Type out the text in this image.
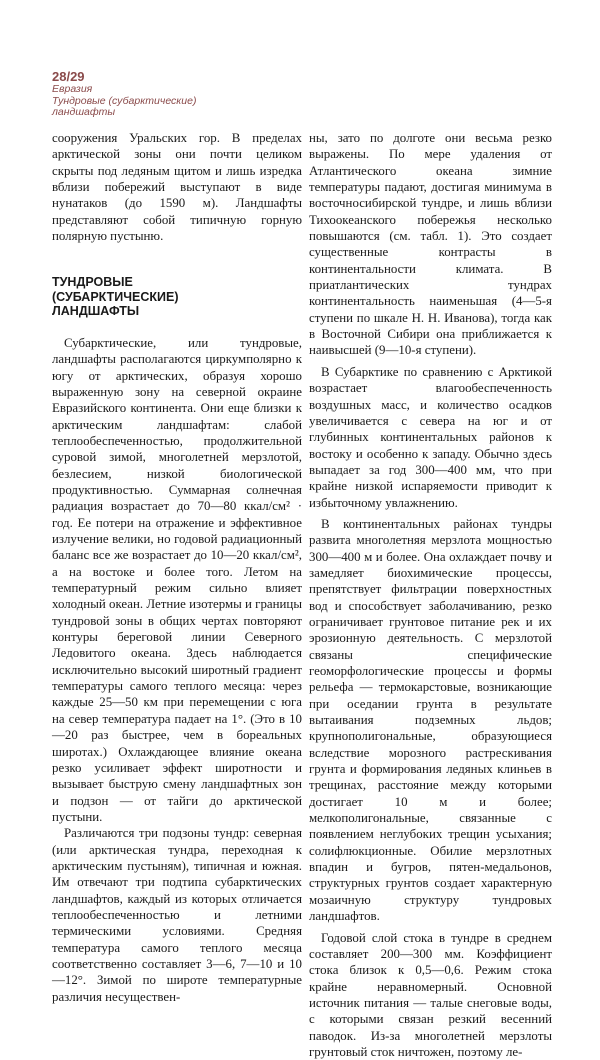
28/29
Евразия
Тундровые (субарктические)
ландшафты

сооружения Уральских гор. В пределах арктической зоны они почти целиком скрыты под ледяным щитом и лишь изредка вблизи побережий выступают в виде нунатаков (до 1590 м). Ландшафты представляют собой типичную горную полярную пустыню.

ТУНДРОВЫЕ
(СУБАРКТИЧЕСКИЕ)
ЛАНДШАФТЫ

Субарктические, или тундровые, ландшафты располагаются циркумполярно к югу от арктических, образуя хорошо выраженную зону на северной окраине Евразийского континента. Они еще близки к арктическим ландшафтам: слабой теплообеспеченностью, продолжительной суровой зимой, многолетней мерзлотой, безлесием, низкой биологической продуктивностью. Суммарная солнечная радиация возрастает до 70—80 ккал/см² · год. Ее потери на отражение и эффективное излучение велики, но годовой радиационный баланс все же возрастает до 10—20 ккал/см², а на востоке и более того. Летом на температурный режим сильно влияет холодный океан. Летние изотермы и границы тундровой зоны в общих чертах повторяют контуры береговой линии Северного Ледовитого океана. Здесь наблюдается исключительно высокий широтный градиент температуры самого теплого месяца: через каждые 25—50 км при перемещении с юга на север температура падает на 1°. (Это в 10—20 раз быстрее, чем в бореальных широтах.) Охлаждающее влияние океана резко усиливает эффект широтности и вызывает быструю смену ландшафтных зон и подзон — от тайги до арктической пустыни.

Различаются три подзоны тундр: северная (или арктическая тундра, переходная к арктическим пустыням), типичная и южная. Им отвечают три подтипа субарктических ландшафтов, каждый из которых отличается теплообеспеченностью и летними термическими условиями. Средняя температура самого теплого месяца соответственно составляет 3—6, 7—10 и 10—12°. Зимой по широте температурные различия несуществен-

ны, зато по долготе они весьма резко выражены. По мере удаления от Атлантического океана зимние температуры падают, достигая минимума в восточносибирской тундре, и лишь вблизи Тихоокеанского побережья несколько повышаются (см. табл. 1). Это создает существенные контрасты в континентальности климата. В приатлантических тундрах континентальность наименьшая (4—5-я ступени по шкале Н. Н. Иванова), тогда как в Восточной Сибири она приближается к наивысшей (9—10-я ступени).

В Субарктике по сравнению с Арктикой возрастает влагообеспеченность воздушных масс, и количество осадков увеличивается с севера на юг и от глубинных континентальных районов к востоку и особенно к западу. Обычно здесь выпадает за год 300—400 мм, что при крайне низкой испаряемости приводит к избыточному увлажнению.

В континентальных районах тундры развита многолетняя мерзлота мощностью 300—400 м и более. Она охлаждает почву и замедляет биохимические процессы, препятствует фильтрации поверхностных вод и способствует заболачиванию, резко ограничивает грунтовое питание рек и их эрозионную деятельность. С мерзлотой связаны специфические геоморфологические процессы и формы рельефа — термокарстовые, возникающие при оседании грунта в результате вытаивания подземных льдов; крупнополигональные, образующиеся вследствие морозного растрескивания грунта и формирования ледяных клиньев в трещинах, расстояние между которыми достигает 10 м и более; мелкополигональные, связанные с появлением неглубоких трещин усыхания; солифлюкционные. Обилие мерзлотных впадин и бугров, пятен-медальонов, структурных грунтов создает характерную мозаичную структуру тундровых ландшафтов.

Годовой слой стока в тундре в среднем составляет 200—300 мм. Коэффициент стока близок к 0,5—0,6. Режим стока крайне неравномерный. Основной источник питания — талые снеговые воды, с которыми связан резкий весенний паводок. Из-за многолетней мерзлоты грунтовый сток ничтожен, поэтому ле-
